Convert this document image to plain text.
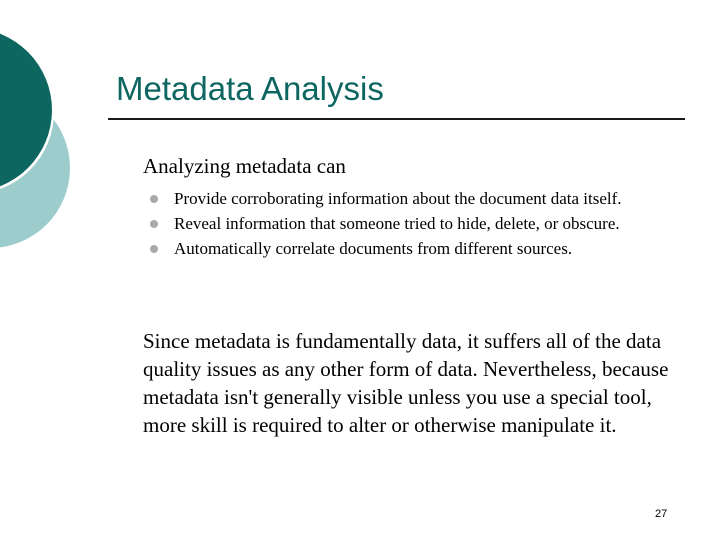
Metadata Analysis
Analyzing metadata can
Provide corroborating information about the document data itself.
Reveal information that someone tried to hide, delete, or obscure.
Automatically correlate documents from different sources.
Since metadata is fundamentally data, it suffers all of the data quality issues as any other form of data. Nevertheless, because metadata isn't generally visible unless you use a special tool, more skill is required to alter or otherwise manipulate it.
27
